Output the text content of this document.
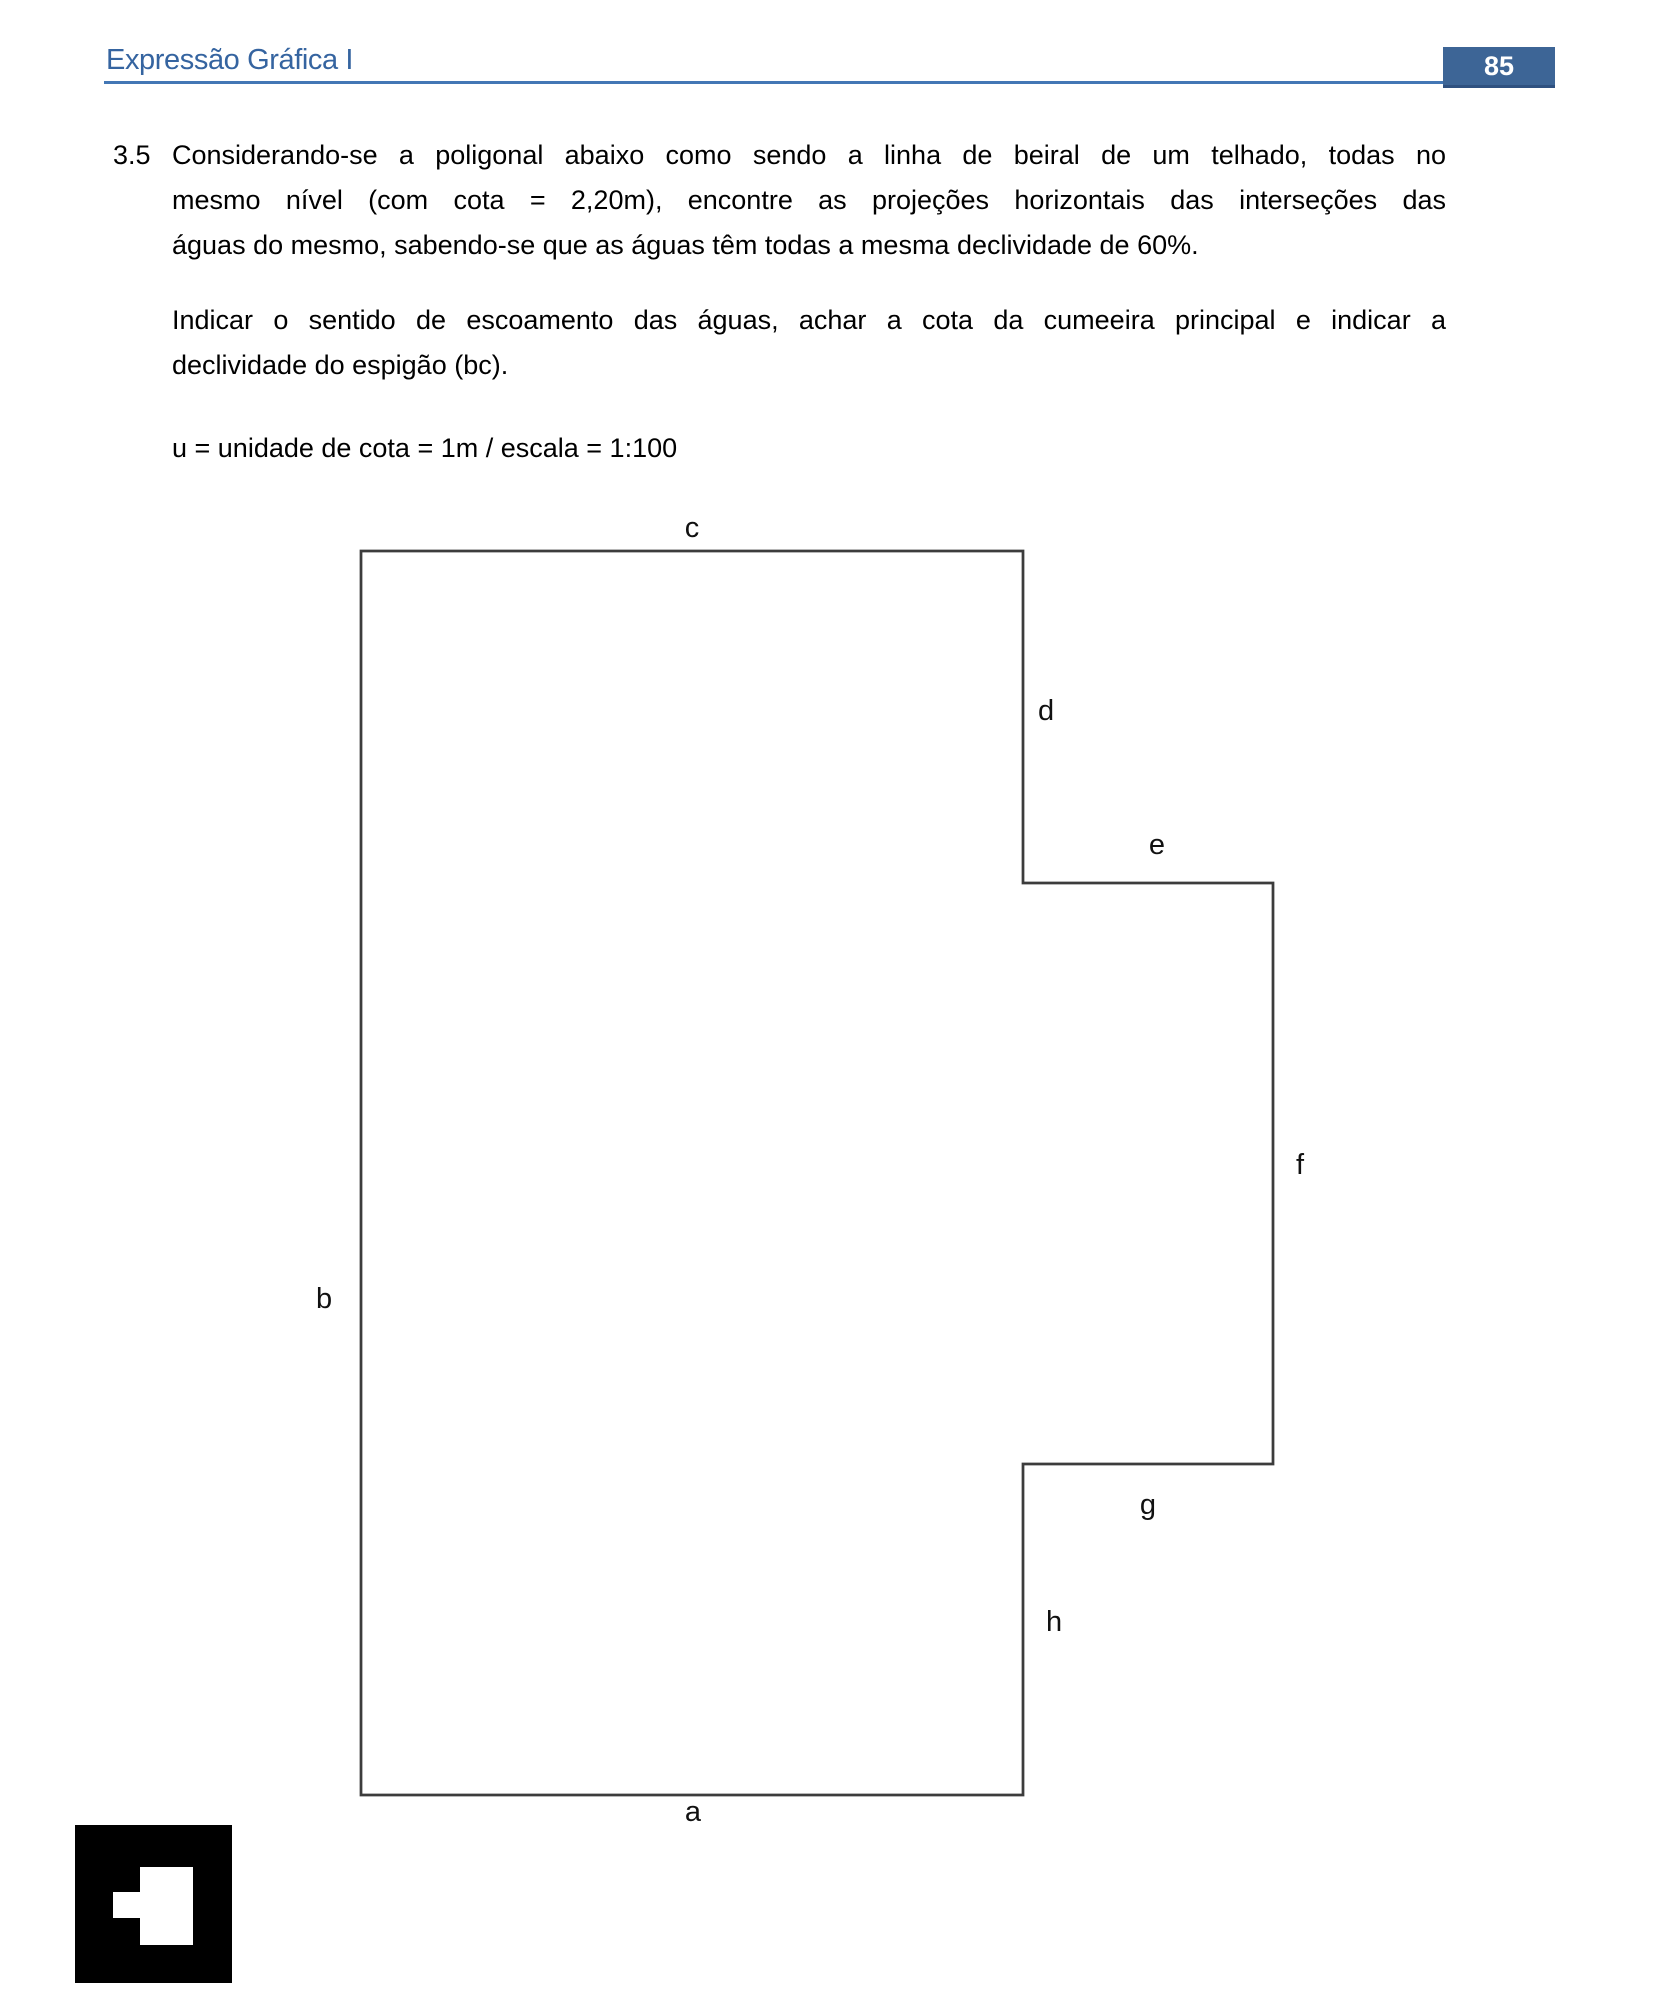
Expressão Gráfica I	85
3.5 Considerando-se a poligonal abaixo como sendo a linha de beiral de um telhado, todas no
mesmo nível (com cota = 2,20m), encontre as projeções horizontais das interseções das
águas do mesmo, sabendo-se que as águas têm todas a mesma declividade de 60%.
Indicar o sentido de escoamento das águas, achar a cota da cumeeira principal e indicar a
declividade do espigão (bc).
u = unidade de cota = 1m / escala = 1:100
c
d
e
f
b
g
h
a
